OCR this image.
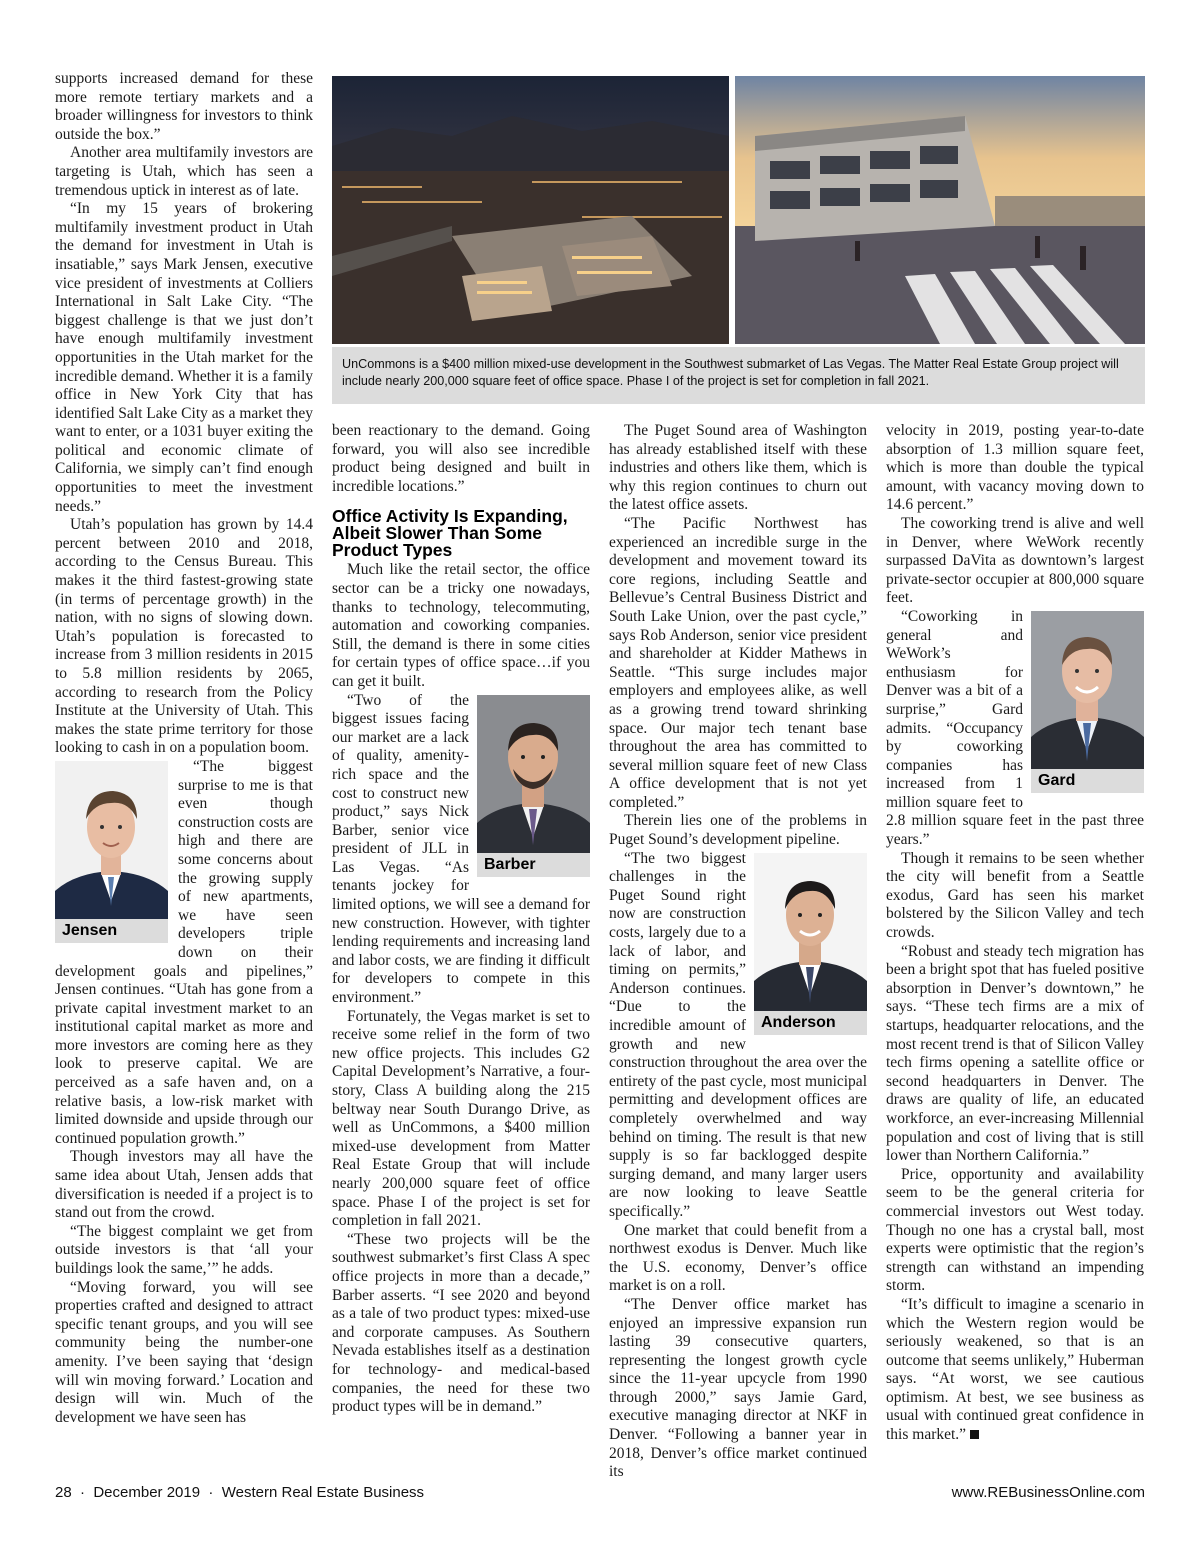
UnCommons is a $400 million mixed-use development in the Southwest submarket of Las Vegas. The Matter Real Estate Group project will include nearly 200,000 square feet of office space. Phase I of the project is set for completion in fall 2021.

supports increased demand for these more remote tertiary markets and a broader willingness for investors to think outside the box.”

Another area multifamily investors are targeting is Utah, which has seen a tremendous uptick in interest as of late.

“In my 15 years of brokering multifamily investment product in Utah the demand for investment in Utah is insatiable,” says Mark Jensen, executive vice president of investments at Colliers International in Salt Lake City. “The biggest challenge is that we just don’t have enough multifamily investment opportunities in the Utah market for the incredible demand. Whether it is a family office in New York City that has identified Salt Lake City as a market they want to enter, or a 1031 buyer exiting the political and economic climate of California, we simply can’t find enough opportunities to meet the investment needs.”

Utah’s population has grown by 14.4 percent between 2010 and 2018, according to the Census Bureau. This makes it the third fastest-growing state (in terms of percentage growth) in the nation, with no signs of slowing down. Utah’s population is forecasted to increase from 3 million residents in 2015 to 5.8 million residents by 2065, according to research from the Policy Institute at the University of Utah. This makes the state prime territory for those looking to cash in on a population boom.

Jensen

“The biggest surprise to me is that even though construction costs are high and there are some concerns about the growing supply of new apartments, we have seen developers triple down on their development goals and pipelines,” Jensen continues. “Utah has gone from a private capital investment market to an institutional capital market as more and more investors are coming here as they look to preserve capital. We are perceived as a safe haven and, on a relative basis, a low-risk market with limited downside and upside through our continued population growth.”

Though investors may all have the same idea about Utah, Jensen adds that diversification is needed if a project is to stand out from the crowd.

“The biggest complaint we get from outside investors is that ‘all your buildings look the same,’” he adds.

“Moving forward, you will see properties crafted and designed to attract specific tenant groups, and you will see community being the number-one amenity. I’ve been saying that ‘design will win moving forward.’ Location and design will win. Much of the development we have seen has

been reactionary to the demand. Going forward, you will also see incredible product being designed and built in incredible locations.”

Office Activity Is Expanding, Albeit Slower Than Some Product Types

Much like the retail sector, the office sector can be a tricky one nowadays, thanks to technology, telecommuting, automation and coworking companies. Still, the demand is there in some cities for certain types of office space…if you can get it built.

Barber

“Two of the biggest issues facing our market are a lack of quality, amenity-rich space and the cost to construct new product,” says Nick Barber, senior vice president of JLL in Las Vegas. “As tenants jockey for limited options, we will see a demand for new construction. However, with tighter lending requirements and increasing land and labor costs, we are finding it difficult for developers to compete in this environment.”

Fortunately, the Vegas market is set to receive some relief in the form of two new office projects. This includes G2 Capital Development’s Narrative, a four-story, Class A building along the 215 beltway near South Durango Drive, as well as UnCommons, a $400 million mixed-use development from Matter Real Estate Group that will include nearly 200,000 square feet of office space. Phase I of the project is set for completion in fall 2021.

“These two projects will be the southwest submarket’s first Class A spec office projects in more than a decade,” Barber asserts. “I see 2020 and beyond as a tale of two product types: mixed-use and corporate campuses. As Southern Nevada establishes itself as a destination for technology- and medical-based companies, the need for these two product types will be in demand.”

The Puget Sound area of Washington has already established itself with these industries and others like them, which is why this region continues to churn out the latest office assets.

“The Pacific Northwest has experienced an incredible surge in the development and movement toward its core regions, including Seattle and Bellevue’s Central Business District and South Lake Union, over the past cycle,” says Rob Anderson, senior vice president and shareholder at Kidder Mathews in Seattle. “This surge includes major employers and employees alike, as well as a growing trend toward shrinking space. Our major tech tenant base throughout the area has committed to several million square feet of new Class A office development that is not yet completed.”

Therein lies one of the problems in Puget Sound’s development pipeline.

Anderson

“The two biggest challenges in the Puget Sound right now are construction costs, largely due to a lack of labor, and timing on permits,” Anderson continues. “Due to the incredible amount of growth and new construction throughout the area over the entirety of the past cycle, most municipal permitting and development offices are completely overwhelmed and way behind on timing. The result is that new supply is so far backlogged despite surging demand, and many larger users are now looking to leave Seattle specifically.”

One market that could benefit from a northwest exodus is Denver. Much like the U.S. economy, Denver’s office market is on a roll.

“The Denver office market has enjoyed an impressive expansion run lasting 39 consecutive quarters, representing the longest growth cycle since the 11-year upcycle from 1990 through 2000,” says Jamie Gard, executive managing director at NKF in Denver. “Following a banner year in 2018, Denver’s office market continued its

velocity in 2019, posting year-to-date absorption of 1.3 million square feet, which is more than double the typical amount, with vacancy moving down to 14.6 percent.”

The coworking trend is alive and well in Denver, where WeWork recently surpassed DaVita as downtown’s largest private-sector occupier at 800,000 square feet.

Gard

“Coworking in general and WeWork’s enthusiasm for Denver was a bit of a surprise,” Gard admits. “Occupancy by coworking companies has increased from 1 million square feet to 2.8 million square feet in the past three years.”

Though it remains to be seen whether the city will benefit from a Seattle exodus, Gard has seen his market bolstered by the Silicon Valley and tech crowds.

“Robust and steady tech migration has been a bright spot that has fueled positive absorption in Denver’s downtown,” he says. “These tech firms are a mix of startups, headquarter relocations, and the most recent trend is that of Silicon Valley tech firms opening a satellite office or second headquarters in Denver. The draws are quality of life, an educated workforce, an ever-increasing Millennial population and cost of living that is still lower than Northern California.”

Price, opportunity and availability seem to be the general criteria for commercial investors out West today. Though no one has a crystal ball, most experts were optimistic that the region’s strength can withstand an impending storm.

“It’s difficult to imagine a scenario in which the Western region would be seriously weakened, so that is an outcome that seems unlikely,” Huberman says. “At worst, we see cautious optimism. At best, we see business as usual with continued great confidence in this market.”

28  ·  December 2019  ·  Western Real Estate Business	www.REBusinessOnline.com
